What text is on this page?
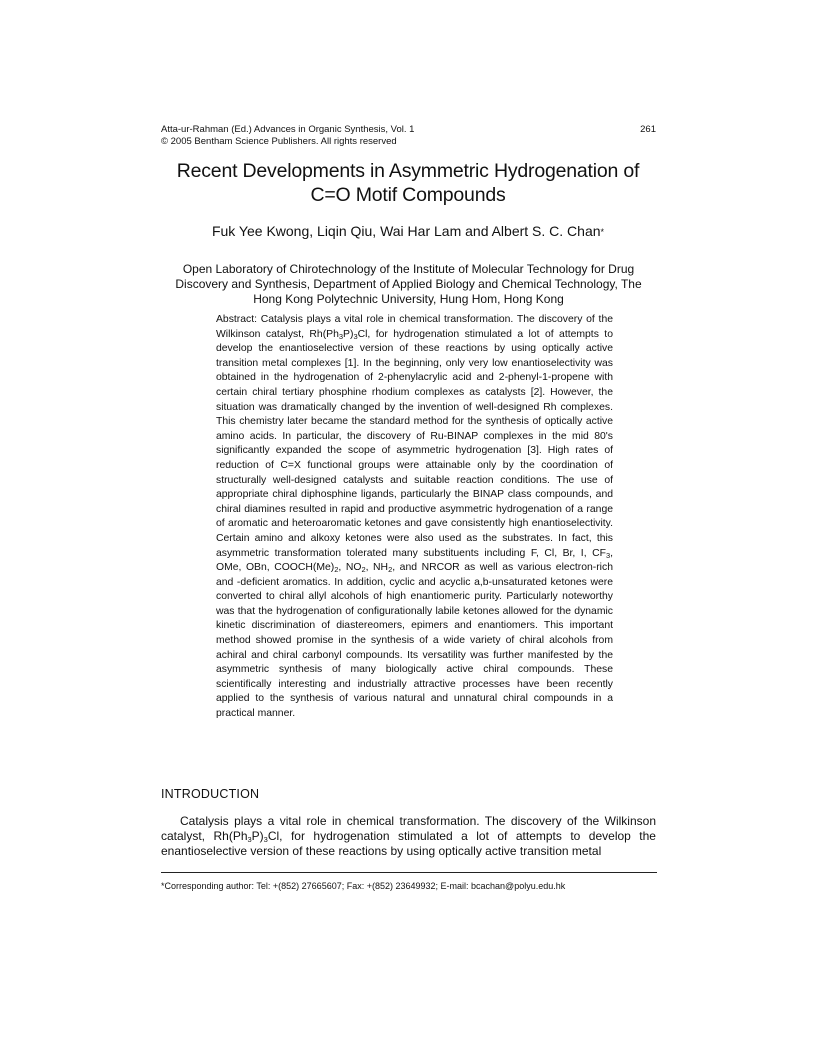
Atta-ur-Rahman (Ed.) Advances in Organic Synthesis, Vol. 1
© 2005 Bentham Science Publishers. All rights reserved
261
Recent Developments in Asymmetric Hydrogenation of
C=O Motif Compounds
Fuk Yee Kwong, Liqin Qiu, Wai Har Lam and Albert S. C. Chan*
Open Laboratory of Chirotechnology of the Institute of Molecular Technology for Drug
Discovery and Synthesis, Department of Applied Biology and Chemical Technology, The
Hong Kong Polytechnic University, Hung Hom, Hong Kong
Abstract: Catalysis plays a vital role in chemical transformation. The discovery of the Wilkinson catalyst, $Rh(Ph_3P)_3Cl$, for hydrogenation stimulated a lot of attempts to develop the enantioselective version of these reactions by using optically active transition metal complexes [1]. In the beginning, only very low enantioselectivity was obtained in the hydrogenation of 2-phenylacrylic acid and 2-phenyl-1-propene with certain chiral tertiary phosphine rhodium complexes as catalysts [2]. However, the situation was dramatically changed by the invention of well-designed Rh complexes. This chemistry later became the standard method for the synthesis of optically active amino acids. In particular, the discovery of Ru-BINAP complexes in the mid 80's significantly expanded the scope of asymmetric hydrogenation [3]. High rates of reduction of C=X functional groups were attainable only by the coordination of structurally well-designed catalysts and suitable reaction conditions. The use of appropriate chiral diphosphine ligands, particularly the BINAP class compounds, and chiral diamines resulted in rapid and productive asymmetric hydrogenation of a range of aromatic and heteroaromatic ketones and gave consistently high enantioselectivity. Certain amino and alkoxy ketones were also used as the substrates. In fact, this asymmetric transformation tolerated many substituents including F, Cl, Br, I, $CF_3$, OMe, OBn, $COOCH(Me)_2$, $NO_2$, $NH_2$, and NRCOR as well as various electron-rich and -deficient aromatics. In addition, cyclic and acyclic a,b-unsaturated ketones were converted to chiral allyl alcohols of high enantiomeric purity. Particularly noteworthy was that the hydrogenation of configurationally labile ketones allowed for the dynamic kinetic discrimination of diastereomers, epimers and enantiomers. This important method showed promise in the synthesis of a wide variety of chiral alcohols from achiral and chiral carbonyl compounds. Its versatility was further manifested by the asymmetric synthesis of many biologically active chiral compounds. These scientifically interesting and industrially attractive processes have been recently applied to the synthesis of various natural and unnatural chiral compounds in a practical manner.
INTRODUCTION
Catalysis plays a vital role in chemical transformation. The discovery of the Wilkinson catalyst, $Rh(Ph_3P)_3Cl$, for hydrogenation stimulated a lot of attempts to develop the enantioselective version of these reactions by using optically active transition metal
*Corresponding author: Tel: +(852) 27665607; Fax: +(852) 23649932; E-mail: bcachan@polyu.edu.hk
